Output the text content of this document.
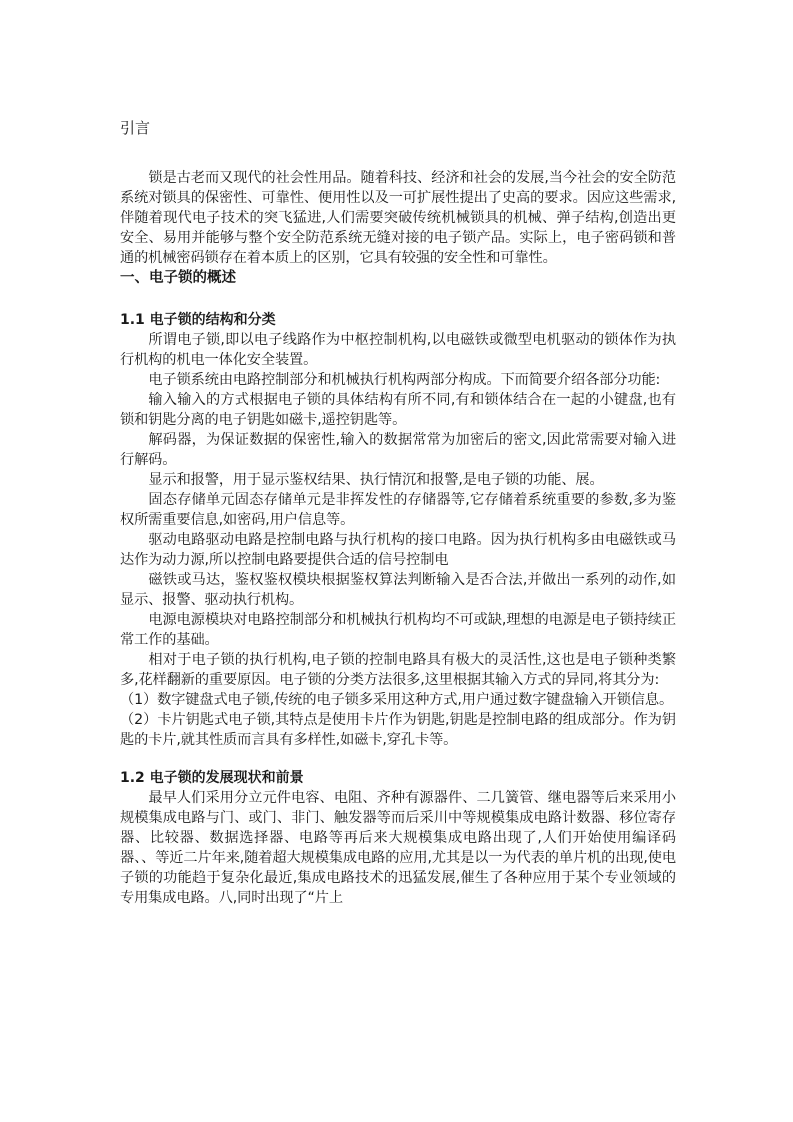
引言

锁是古老而又现代的社会性用品。随着科技、经济和社会的发展,当今社会的安全防范系统对锁具的保密性、可靠性、便用性以及一可扩展性提出了史高的要求。因应这些需求,伴随着现代电子技术的突飞猛进,人们需要突破传统机械锁具的机械、弹子结构,创造出更安全、易用并能够与整个安全防范系统无缝对接的电子锁产品。实际上，电子密码锁和普通的机械密码锁存在着本质上的区别，它具有较强的安全性和可靠性。

一、电子锁的概述
1.1 电子锁的结构和分类

所谓电子锁,即以电子线路作为中枢控制机构,以电磁铁或微型电机驱动的锁体作为执行机构的机电一体化安全装置。

电子锁系统由电路控制部分和机械执行机构两部分构成。下而简要介绍各部分功能:

输入输入的方式根据电子锁的具体结构有所不同,有和锁体结合在一起的小键盘,也有锁和钥匙分离的电子钥匙如磁卡,遥控钥匙等。

解码器，为保证数据的保密性,输入的数据常常为加密后的密文,因此常需要对输入进行解码。

显示和报警，用于显示鉴权结果、执行情沉和报警,是电子锁的功能、展。

固态存储单元固态存储单元是非挥发性的存储器等,它存储着系统重要的参数,多为鉴权所需重要信息,如密码,用户信息等。

驱动电路驱动电路是控制电路与执行机构的接口电路。因为执行机构多由电磁铁或马达作为动力源,所以控制电路要提供合适的信号控制电

磁铁或马达，鉴权鉴权模块根据鉴权算法判断输入是否合法,并做出一系列的动作,如显示、报警、驱动执行机构。

电源电源模块对电路控制部分和机械执行机构均不可或缺,理想的电源是电子锁持续正常工作的基础。

相对于电子锁的执行机构,电子锁的控制电路具有极大的灵活性,这也是电子锁种类繁多,花样翻新的重要原因。电子锁的分类方法很多,这里根据其输入方式的异同,将其分为:

（1）数字键盘式电子锁,传统的电子锁多采用这种方式,用户通过数字键盘输入开锁信息。

（2）卡片钥匙式电子锁,其特点是使用卡片作为钥匙,钥匙是控制电路的组成部分。作为钥匙的卡片,就其性质而言具有多样性,如磁卡,穿孔卡等。

1.2 电子锁的发展现状和前景

最早人们采用分立元件电容、电阻、齐种有源器件、二几簧管、继电器等后来采用小规模集成电路与门、或门、非门、触发器等而后采川中等规模集成电路计数器、移位寄存器、比较器、数据选择器、电路等再后来大规模集成电路出现了,人们开始使用编译码器、、等近二片年来,随着超大规模集成电路的应用,尤其是以一为代表的单片机的出现,使电子锁的功能趋于复杂化最近,集成电路技术的迅猛发展,催生了各种应用于某个专业领域的专用集成电路。八,同时出现了“片上
